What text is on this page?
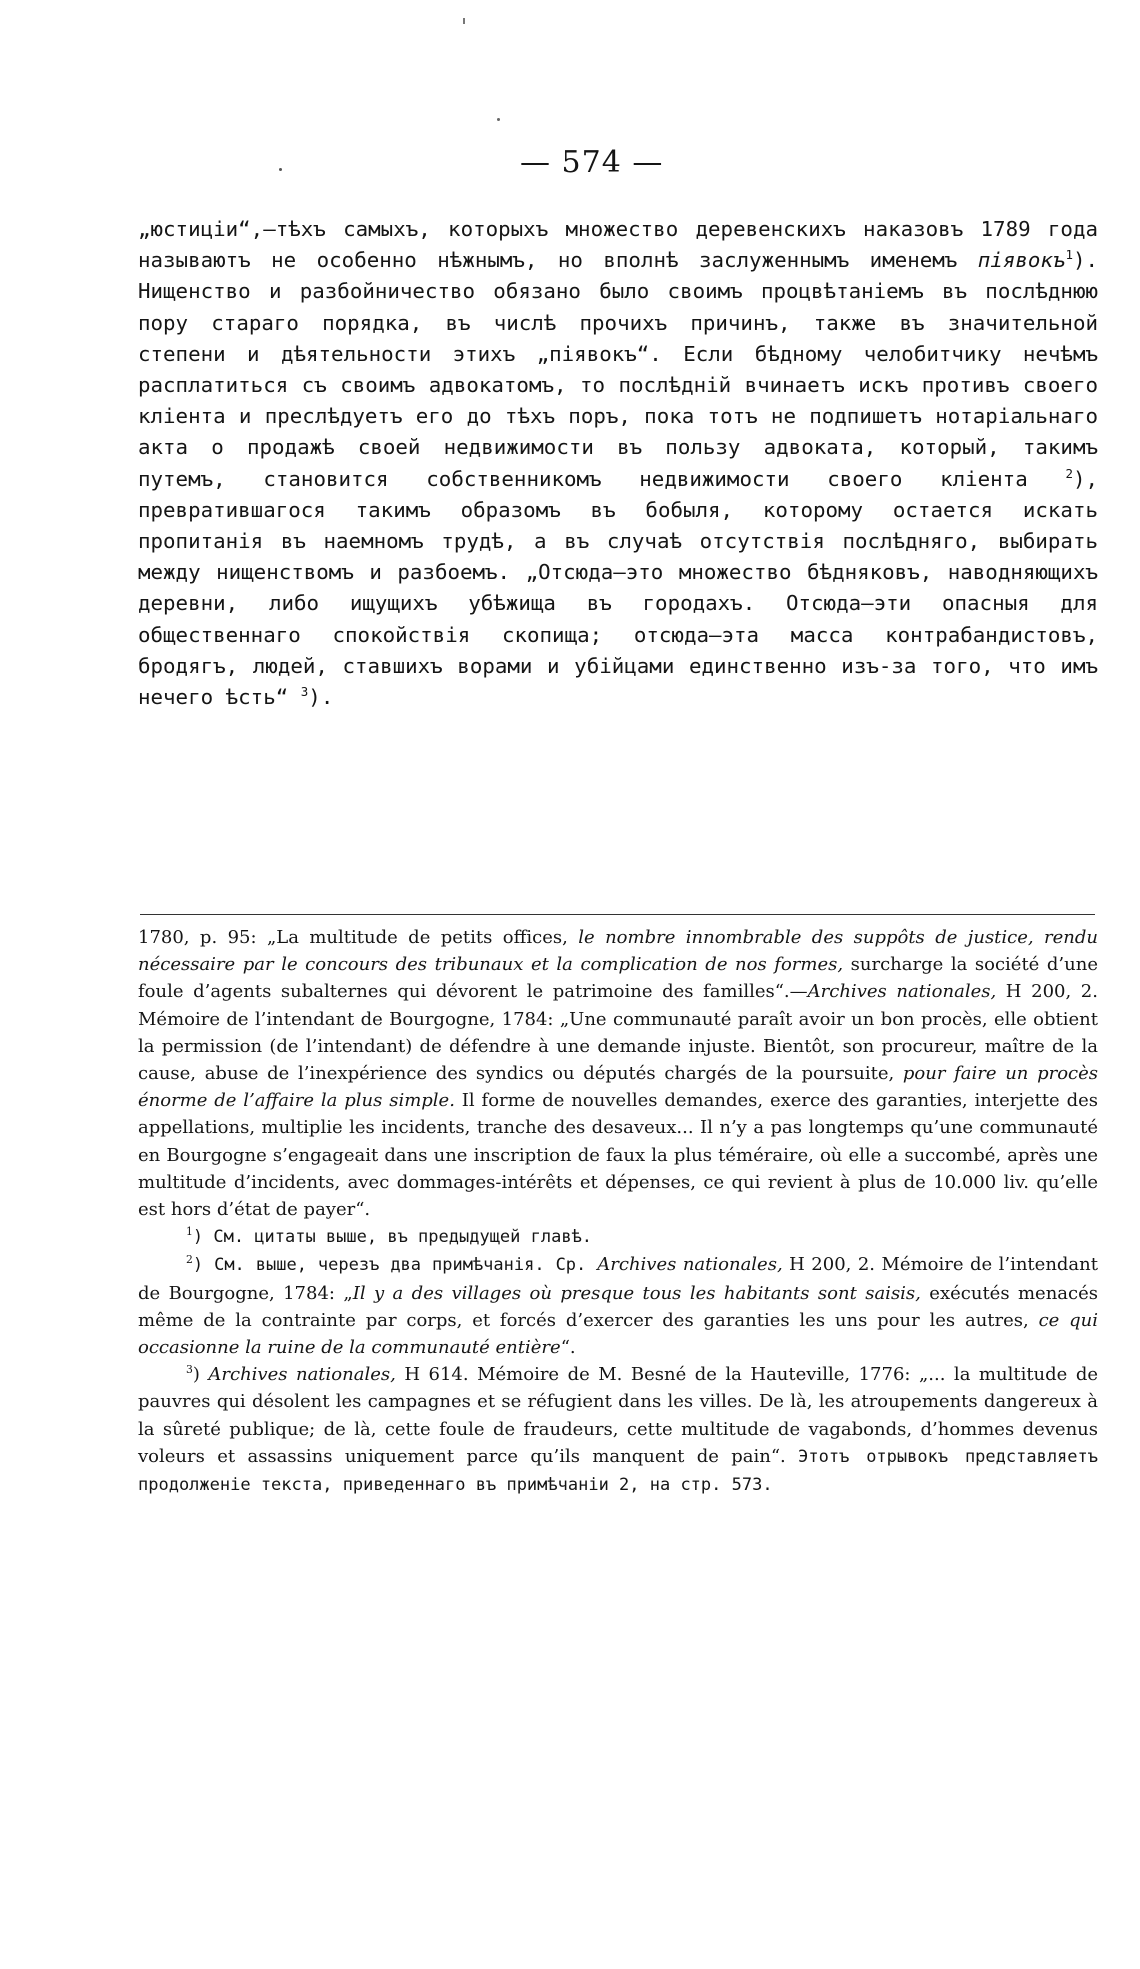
— 574 —

„юстиціи“,—тѣхъ самыхъ, которыхъ множество деревенскихъ наказовъ 1789 года называютъ не особенно нѣжнымъ, но вполнѣ заслуженнымъ именемъ піявокъ$^1$). Нищенство и разбойничество обязано было своимъ процвѣтаніемъ въ послѣднюю пору стараго порядка, въ числѣ прочихъ причинъ, также въ значительной степени и дѣятельности этихъ „піявокъ“. Если бѣдному челобитчику нечѣмъ расплатиться съ своимъ адвокатомъ, то послѣдній вчинаетъ искъ противъ своего кліента и преслѣдуетъ его до тѣхъ поръ, пока тотъ не подпишетъ нотаріальнаго акта о продажѣ своей недвижимости въ пользу адвоката, который, такимъ путемъ, становится собственникомъ недвижимости своего кліента $^2$), превратившагося такимъ образомъ въ бобыля, которому остается искать пропитанія въ наемномъ трудѣ, а въ случаѣ отсутствія послѣдняго, выбирать между нищенствомъ и разбоемъ. „Отсюда—это множество бѣдняковъ, наводняющихъ деревни, либо ищущихъ убѣжища въ городахъ. Отсюда—эти опасныя для общественнаго спокойствія скопища; отсюда—эта масса контрабандистовъ, бродягъ, людей, ставшихъ ворами и убійцами единственно изъ-за того, что имъ нечего ѣсть“ $^3$).

1780, p. 95: „La multitude de petits offices, le nombre innombrable des suppôts de justice, rendu nécessaire par le concours des tribunaux et la complication de nos formes, surcharge la société d’une foule d’agents subalternes qui dévorent le patrimoine des familles“.—Archives nationales, H 200, 2. Mémoire de l’intendant de Bourgogne, 1784: „Une communauté paraît avoir un bon procès, elle obtient la permission (de l’intendant) de défendre à une demande injuste. Bientôt, son procureur, maître de la cause, abuse de l’inexpérience des syndics ou députés chargés de la poursuite, pour faire un procès énorme de l’affaire la plus simple. Il forme de nouvelles demandes, exerce des garanties, interjette des appellations, multiplie les incidents, tranche des desaveux... Il n’y a pas longtemps qu’une communauté en Bourgogne s’engageait dans une inscription de faux la plus téméraire, où elle a succombé, après une multitude d’incidents, avec dommages-intérêts et dépenses, ce qui revient à plus de 10.000 liv. qu’elle est hors d’état de payer“.

$^1$) См. цитаты выше, въ предыдущей главѣ.

$^2$) См. выше, черезъ два примѣчанія. Ср. Archives nationales, H 200, 2. Mémoire de l’intendant de Bourgogne, 1784: „Il y a des villages où presque tous les habitants sont saisis, exécutés menacés même de la contrainte par corps, et forcés d’exercer des garanties les uns pour les autres, ce qui occasionne la ruine de la communauté entière“.

$^3$) Archives nationales, H 614. Mémoire de M. Besné de la Hauteville, 1776: „... la multitude de pauvres qui désolent les campagnes et se réfugient dans les villes. De là, les atroupements dangereux à la sûreté publique; de là, cette foule de fraudeurs, cette multitude de vagabonds, d’hommes devenus voleurs et assassins uniquement parce qu’ils manquent de pain“. Этотъ отрывокъ представляетъ продолженіе текста, приведеннаго въ примѣчаніи 2, на стр. 573.
